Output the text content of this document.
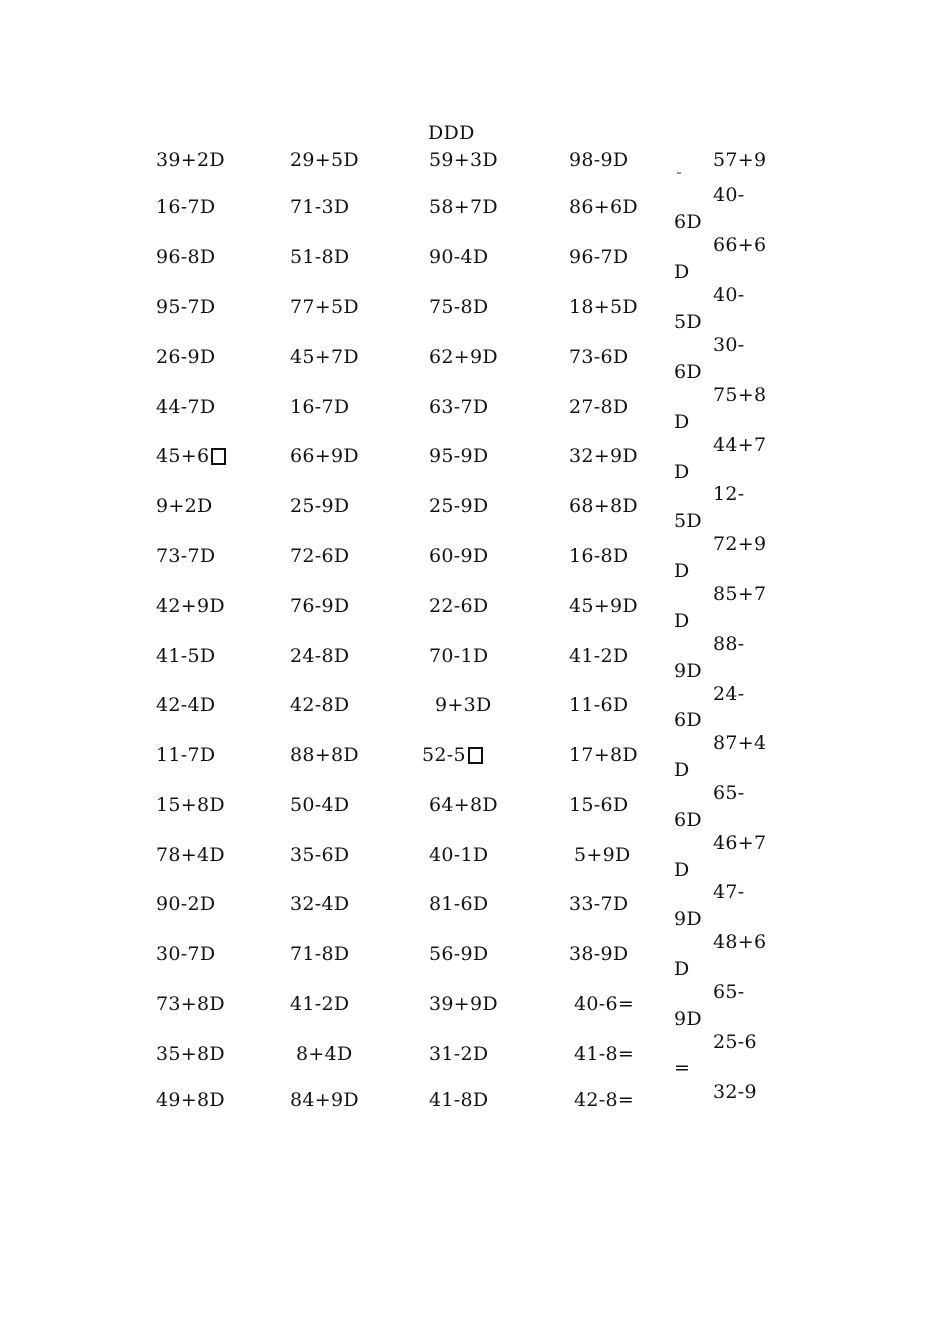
DDD
˜
39+2D
16-7D
96-8D
95-7D
26-9D
44-7D
45+6
9+2D
73-7D
42+9D
41-5D
42-4D
11-7D
15+8D
78+4D
90-2D
30-7D
73+8D
35+8D
49+8D
29+5D
71-3D
51-8D
77+5D
45+7D
16-7D
66+9D
25-9D
72-6D
76-9D
24-8D
42-8D
88+8D
50-4D
35-6D
32-4D
71-8D
41-2D
8+4D
84+9D
59+3D
58+7D
90-4D
75-8D
62+9D
63-7D
95-9D
25-9D
60-9D
22-6D
70-1D
9+3D
52-5
64+8D
40-1D
81-6D
56-9D
39+9D
31-2D
41-8D
98-9D
86+6D
96-7D
18+5D
73-6D
27-8D
32+9D
68+8D
16-8D
45+9D
41-2D
11-6D
17+8D
15-6D
5+9D
33-7D
38-9D
40-6=
41-8=
42-8=
6D
D
5D
6D
D
D
5D
D
D
9D
6D
D
6D
D
9D
D
9D
=
57+9
40-
66+6
40-
30-
75+8
44+7
12-
72+9
85+7
88-
24-
87+4
65-
46+7
47-
48+6
65-
25-6
32-9
